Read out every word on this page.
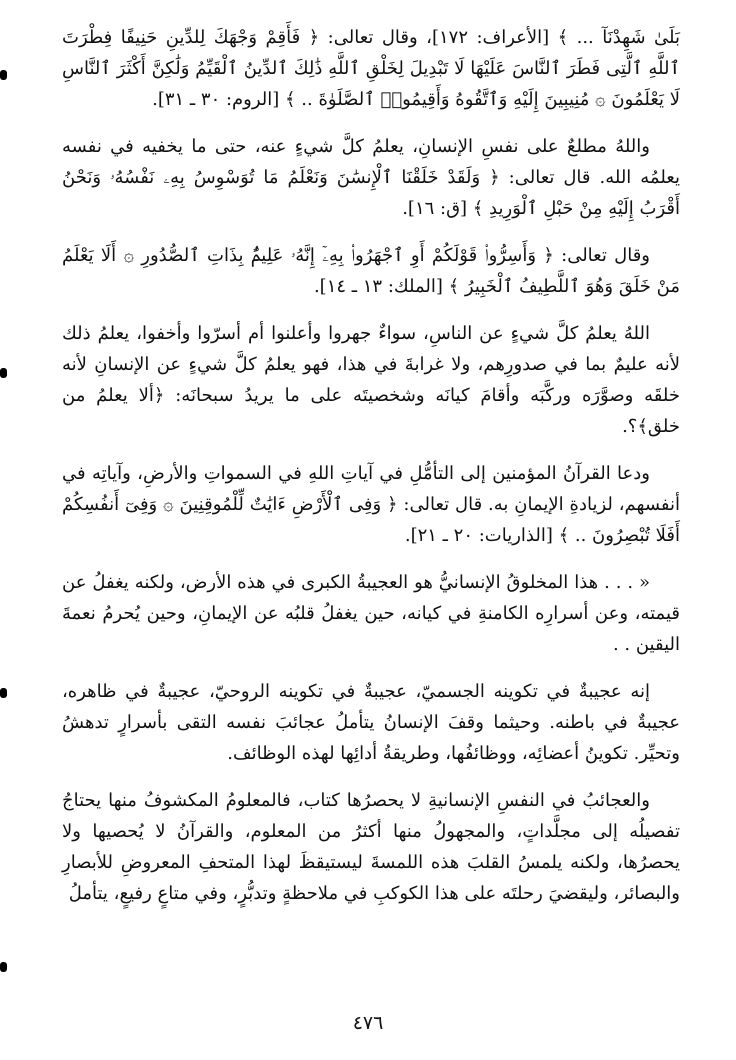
بَلَىٰ شَهِدْنَآ ... ﴾ [الأعراف: ١٧٢]، وقال تعالى: ﴿ فَأَقِمْ وَجْهَكَ لِلدِّينِ حَنِيفًا فِطْرَتَ ٱللَّهِ ٱلَّتِى فَطَرَ ٱلنَّاسَ عَلَيْهَا لَا تَبْدِيلَ لِخَلْقِ ٱللَّهِ ذَٰلِكَ ٱلدِّينُ ٱلْقَيِّمُ وَلَٰكِنَّ أَكْثَرَ ٱلنَّاسِ لَا يَعْلَمُونَ ۞ مُنِيبِينَ إِلَيْهِ وَٱتَّقُوهُ وَأَقِيمُوا۟ ٱلصَّلَوٰةَ .. ﴾ [الروم: ٣٠ ـ ٣١].

واللهُ مطلعٌ على نفسِ الإنسانِ، يعلمُ كلَّ شيءٍ عنه، حتى ما يخفيه في نفسه يعلمُه الله. قال تعالى: ﴿ وَلَقَدْ خَلَقْنَا ٱلْإِنسَٰنَ وَنَعْلَمُ مَا تُوَسْوِسُ بِهِۦ نَفْسُهُۥ وَنَحْنُ أَقْرَبُ إِلَيْهِ مِنْ حَبْلِ ٱلْوَرِيدِ ﴾ [ق: ١٦].

وقال تعالى: ﴿ وَأَسِرُّوا۟ قَوْلَكُمْ أَوِ ٱجْهَرُوا۟ بِهِۦٓ إِنَّهُۥ عَلِيمٌۢ بِذَاتِ ٱلصُّدُورِ ۞ أَلَا يَعْلَمُ مَنْ خَلَقَ وَهُوَ ٱللَّطِيفُ ٱلْخَبِيرُ ﴾ [الملك: ١٣ ـ ١٤].

اللهُ يعلمُ كلَّ شيءٍ عن الناسِ، سواءٌ جهروا وأعلنوا أم أسرّوا وأخفوا، يعلمُ ذلك لأنه عليمٌ بما في صدورِهم، ولا غرابةَ في هذا، فهو يعلمُ كلَّ شيءٍ عن الإنسانِ لأنه خلقَه وصوَّرَه وركَّبَه وأقامَ كيانَه وشخصيتَه على ما يريدُ سبحانَه: ﴿ألا يعلمُ من خلق﴾؟.

ودعا القرآنُ المؤمنين إلى التأمُّلِ في آياتِ اللهِ في السمواتِ والأرضِ، وآياتِه في أنفسهم، لزيادةِ الإيمانِ به. قال تعالى: ﴿ وَفِى ٱلْأَرْضِ ءَايَٰتٌ لِّلْمُوقِنِينَ ۞ وَفِىٓ أَنفُسِكُمْ أَفَلَا تُبْصِرُونَ .. ﴾ [الذاريات: ٢٠ ـ ٢١].

« . . . هذا المخلوقُ الإنسانيُّ هو العجيبةُ الكبرى في هذه الأرض، ولكنه يغفلُ عن قيمته، وعن أسرارِه الكامنةِ في كيانه، حين يغفلُ قلبُه عن الإيمانِ، وحين يُحرمُ نعمةَ اليقين . .

إنه عجيبةٌ في تكوينه الجسميّ، عجيبةٌ في تكوينه الروحيّ، عجيبةٌ في ظاهره، عجيبةٌ في باطنه. وحيثما وقفَ الإنسانُ يتأملُ عجائبَ نفسه التقى بأسرارٍ تدهشُ وتحيِّر. تكوينُ أعضائِه، ووظائفُها، وطريقةُ أدائِها لهذه الوظائف.

والعجائبُ في النفسِ الإنسانيةِ لا يحصرُها كتاب، فالمعلومُ المكشوفُ منها يحتاجُ تفصيلُه إلى مجلَّداتٍ، والمجهولُ منها أكثرُ من المعلوم، والقرآنُ لا يُحصيها ولا يحصرُها، ولكنه يلمسُ القلبَ هذه اللمسةَ ليستيقظَ لهذا المتحفِ المعروضِ للأبصارِ والبصائر، وليقضيَ رحلتَه على هذا الكوكبِ في ملاحظةٍ وتدبُّرٍ، وفي متاعٍ رفيعٍ، يتأملُ

٤٧٦
